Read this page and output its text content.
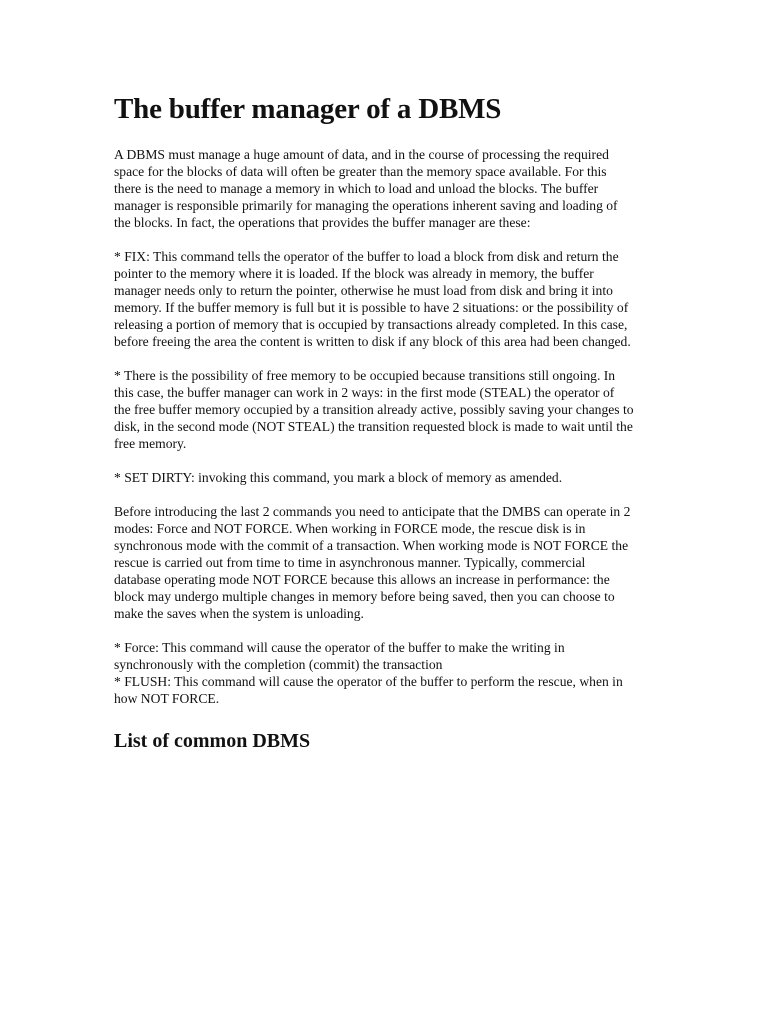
The buffer manager of a DBMS

A DBMS must manage a huge amount of data, and in the course of processing the required space for the blocks of data will often be greater than the memory space available. For this there is the need to manage a memory in which to load and unload the blocks. The buffer manager is responsible primarily for managing the operations inherent saving and loading of the blocks. In fact, the operations that provides the buffer manager are these:

* FIX: This command tells the operator of the buffer to load a block from disk and return the pointer to the memory where it is loaded. If the block was already in memory, the buffer manager needs only to return the pointer, otherwise he must load from disk and bring it into memory. If the buffer memory is full but it is possible to have 2 situations: or the possibility of releasing a portion of memory that is occupied by transactions already completed. In this case, before freeing the area the content is written to disk if any block of this area had been changed.

* There is the possibility of free memory to be occupied because transitions still ongoing. In this case, the buffer manager can work in 2 ways: in the first mode (STEAL) the operator of the free buffer memory occupied by a transition already active, possibly saving your changes to disk, in the second mode (NOT STEAL) the transition requested block is made to wait until the free memory.

* SET DIRTY: invoking this command, you mark a block of memory as amended.

Before introducing the last 2 commands you need to anticipate that the DMBS can operate in 2 modes: Force and NOT FORCE. When working in FORCE mode, the rescue disk is in synchronous mode with the commit of a transaction. When working mode is NOT FORCE the rescue is carried out from time to time in asynchronous manner. Typically, commercial database operating mode NOT FORCE because this allows an increase in performance: the block may undergo multiple changes in memory before being saved, then you can choose to make the saves when the system is unloading.

* Force: This command will cause the operator of the buffer to make the writing in synchronously with the completion (commit) the transaction

* FLUSH: This command will cause the operator of the buffer to perform the rescue, when in how NOT FORCE.

List of common DBMS
